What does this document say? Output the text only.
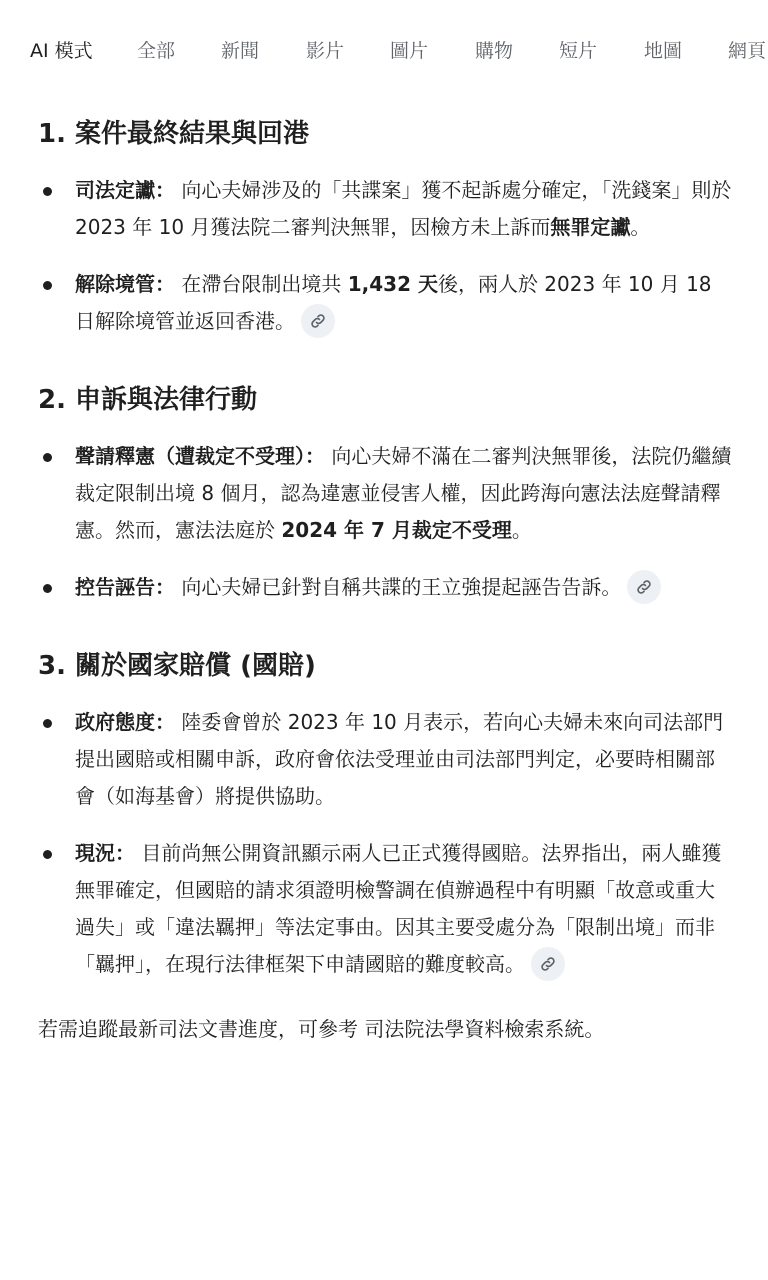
AI 模式 全部 新聞 影片 圖片 購物 短片 地圖 網頁
1. 案件最終結果與回港
司法定讞： 向心夫婦涉及的「共諜案」獲不起訴處分確定，「洗錢案」則於 2023 年 10 月獲法院二審判決無罪，因檢方未上訴而無罪定讞。
解除境管： 在滯台限制出境共 1,432 天後，兩人於 2023 年 10 月 18 日解除境管並返回香港。
2. 申訴與法律行動
聲請釋憲（遭裁定不受理）： 向心夫婦不滿在二審判決無罪後，法院仍繼續裁定限制出境 8 個月，認為違憲並侵害人權，因此跨海向憲法法庭聲請釋憲。然而，憲法法庭於 2024 年 7 月裁定不受理。
控告誣告： 向心夫婦已針對自稱共諜的王立強提起誣告告訴。
3. 關於國家賠償 (國賠)
政府態度： 陸委會曾於 2023 年 10 月表示，若向心夫婦未來向司法部門提出國賠或相關申訴，政府會依法受理並由司法部門判定，必要時相關部會（如海基會）將提供協助。
現況： 目前尚無公開資訊顯示兩人已正式獲得國賠。法界指出，兩人雖獲無罪確定，但國賠的請求須證明檢警調在偵辦過程中有明顯「故意或重大過失」或「違法羈押」等法定事由。因其主要受處分為「限制出境」而非「羈押」，在現行法律框架下申請國賠的難度較高。
若需追蹤最新司法文書進度，可參考 司法院法學資料檢索系統。
